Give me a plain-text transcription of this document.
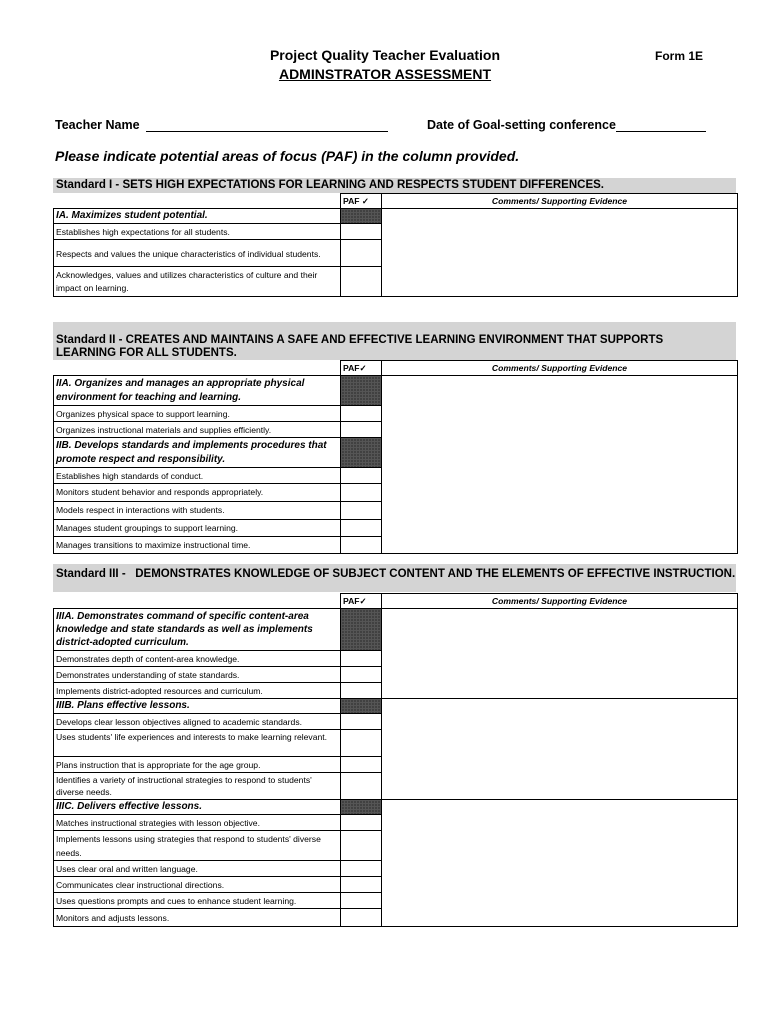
Project Quality Teacher Evaluation
ADMINSTRATOR ASSESSMENT
Form 1E
Teacher Name	Date of Goal-setting conference
Please indicate potential areas of focus (PAF) in the column provided.
Standard I - SETS HIGH EXPECTATIONS FOR LEARNING AND RESPECTS STUDENT DIFFERENCES.
	PAF ✓	Comments/ Supporting Evidence
IA. Maximizes student potential.		
Establishes high expectations for all students.		
Respects and values the unique characteristics of individual students.		
Acknowledges, values and utilizes characteristics of culture and their impact on learning.		
Standard II - CREATES AND MAINTAINS A SAFE AND EFFECTIVE LEARNING ENVIRONMENT THAT SUPPORTS LEARNING FOR ALL STUDENTS.
	PAF✓	Comments/ Supporting Evidence
IIA. Organizes and manages an appropriate physical environment for teaching and learning.		
Organizes physical space to support learning.		
Organizes instructional materials and supplies efficiently.		
IIB. Develops standards and implements procedures that promote respect and responsibility.		
Establishes high standards of conduct.		
Monitors student behavior and responds appropriately.		
Models respect in interactions with students.		
Manages student groupings to support learning.		
Manages transitions to maximize instructional time.		
Standard III -   DEMONSTRATES KNOWLEDGE OF SUBJECT CONTENT AND THE ELEMENTS OF EFFECTIVE INSTRUCTION.
	PAF✓	Comments/ Supporting Evidence
IIIA. Demonstrates command of specific content-area knowledge and state standards as well as implements district-adopted curriculum.		
Demonstrates depth of content-area knowledge.		
Demonstrates understanding of state standards.		
Implements district-adopted resources and curriculum.		
IIIB. Plans effective lessons.		
Develops clear lesson objectives aligned to academic standards.		
Uses students' life experiences and interests to make learning relevant.		
Plans instruction that is appropriate for the age group.		
Identifies a variety of instructional strategies to respond to students' diverse needs.		
IIIC. Delivers effective lessons.		
Matches instructional strategies with lesson objective.		
Implements lessons using strategies that respond to students' diverse needs.		
Uses clear oral and written language.		
Communicates clear instructional directions.		
Uses questions prompts and cues to enhance student learning.		
Monitors and adjusts lessons.		
